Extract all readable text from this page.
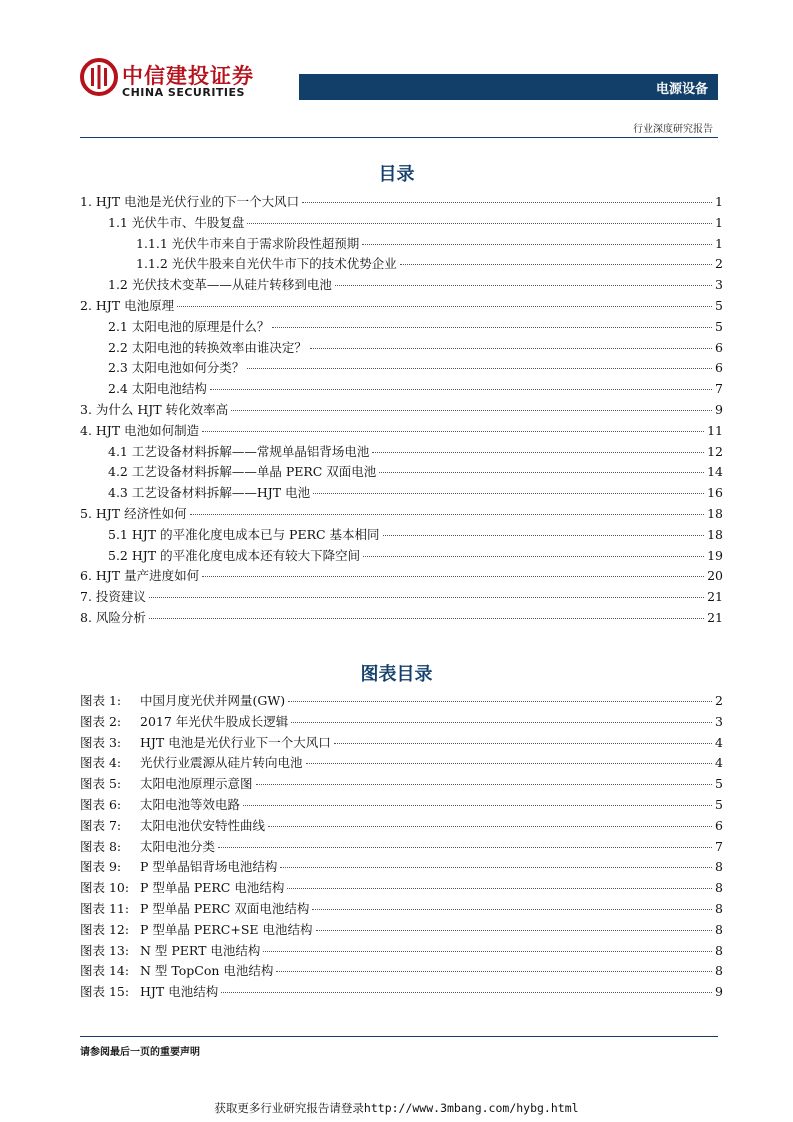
中信建投证券
CHINA SECURITIES	电源设备
行业深度研究报告
目录
1. HJT 电池是光伏行业的下一个大风口	1
1.1 光伏牛市、牛股复盘	1
1.1.1 光伏牛市来自于需求阶段性超预期	1
1.1.2 光伏牛股来自光伏牛市下的技术优势企业	2
1.2 光伏技术变革——从硅片转移到电池	3
2. HJT 电池原理	5
2.1 太阳电池的原理是什么？	5
2.2 太阳电池的转换效率由谁决定？	6
2.3 太阳电池如何分类？	6
2.4 太阳电池结构	7
3. 为什么 HJT 转化效率高	9
4. HJT 电池如何制造	11
4.1 工艺设备材料拆解——常规单晶铝背场电池	12
4.2 工艺设备材料拆解——单晶 PERC 双面电池	14
4.3 工艺设备材料拆解——HJT 电池	16
5. HJT 经济性如何	18
5.1 HJT 的平准化度电成本已与 PERC 基本相同	18
5.2 HJT 的平准化度电成本还有较大下降空间	19
6. HJT 量产进度如何	20
7. 投资建议	21
8. 风险分析	21
图表目录
图表 1:	中国月度光伏并网量(GW)	2
图表 2:	2017 年光伏牛股成长逻辑	3
图表 3:	HJT 电池是光伏行业下一个大风口	4
图表 4:	光伏行业震源从硅片转向电池	4
图表 5:	太阳电池原理示意图	5
图表 6:	太阳电池等效电路	5
图表 7:	太阳电池伏安特性曲线	6
图表 8:	太阳电池分类	7
图表 9:	P 型单晶铝背场电池结构	8
图表 10: P 型单晶 PERC 电池结构	8
图表 11: P 型单晶 PERC 双面电池结构	8
图表 12: P 型单晶 PERC+SE 电池结构	8
图表 13: N 型 PERT 电池结构	8
图表 14: N 型 TopCon 电池结构	8
图表 15: HJT 电池结构	9
请参阅最后一页的重要声明
获取更多行业研究报告请登录http://www.3mbang.com/hybg.html
